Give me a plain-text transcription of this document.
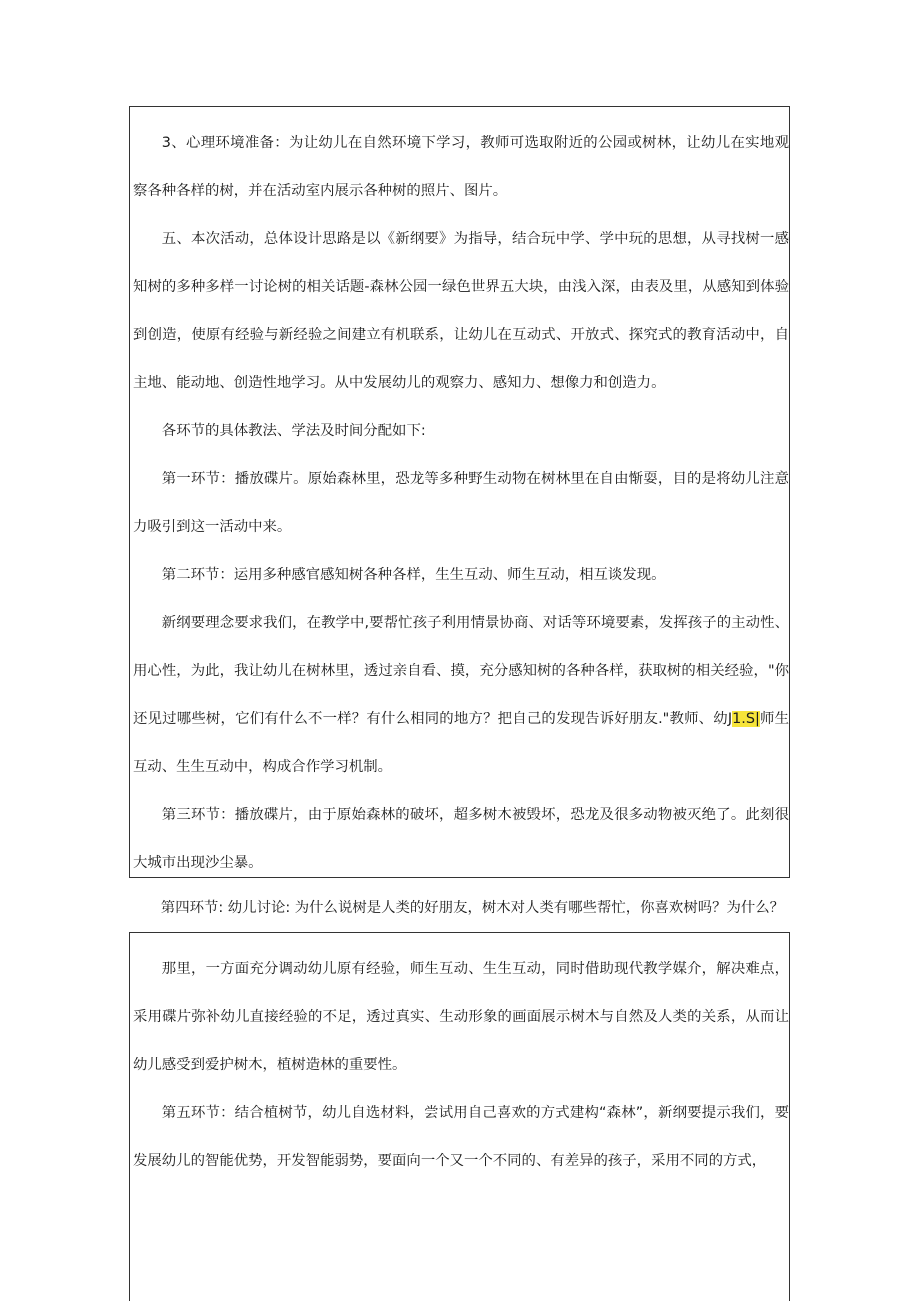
3、心理环境准备：为让幼儿在自然环境下学习，教师可选取附近的公园或树林，让幼儿在实地观察各种各样的树，并在活动室内展示各种树的照片、图片。

五、本次活动，总体设计思路是以《新纲要》为指导，结合玩中学、学中玩的思想，从寻找树一感知树的多种多样一讨论树的相关话题-森林公园一绿色世界五大块，由浅入深，由表及里，从感知到体验到创造，使原有经验与新经验之间建立有机联系，让幼儿在互动式、开放式、探究式的教育活动中，自主地、能动地、创造性地学习。从中发展幼儿的观察力、感知力、想像力和创造力。

各环节的具体教法、学法及时间分配如下:

第一环节：播放碟片。原始森林里，恐龙等多种野生动物在树林里在自由惭耍，目的是将幼儿注意力吸引到这一活动中来。

第二环节：运用多种感官感知树各种各样，生生互动、师生互动，相互谈发现。

新纲要理念要求我们，在教学中,要帮忙孩子利用情景协商、对话等环境要素，发挥孩子的主动性、用心性，为此，我让幼儿在树林里，透过亲自看、摸，充分感知树的各种各样，获取树的相关经验，"你还见过哪些树，它们有什么不一样？有什么相同的地方？把自己的发现告诉好朋友."教师、幼J1.S|师生互动、生生互动中，构成合作学习机制。

第三环节：播放碟片，由于原始森林的破坏，超多树木被毁坏，恐龙及很多动物被灭绝了。此刻很大城市出现沙尘暴。

第四环节: 幼儿讨论: 为什么说树是人类的好朋友，树木对人类有哪些帮忙，你喜欢树吗？为什么？

那里，一方面充分调动幼儿原有经验，师生互动、生生互动，同时借助现代教学媒介，解决难点，采用碟片弥补幼儿直接经验的不足，透过真实、生动形象的画面展示树木与自然及人类的关系，从而让幼儿感受到爱护树木，植树造林的重要性。

第五环节：结合植树节，幼儿自选材料，尝试用自己喜欢的方式建构“森林”，新纲要提示我们，要发展幼儿的智能优势，开发智能弱势，要面向一个又一个不同的、有差异的孩子，采用不同的方式，
